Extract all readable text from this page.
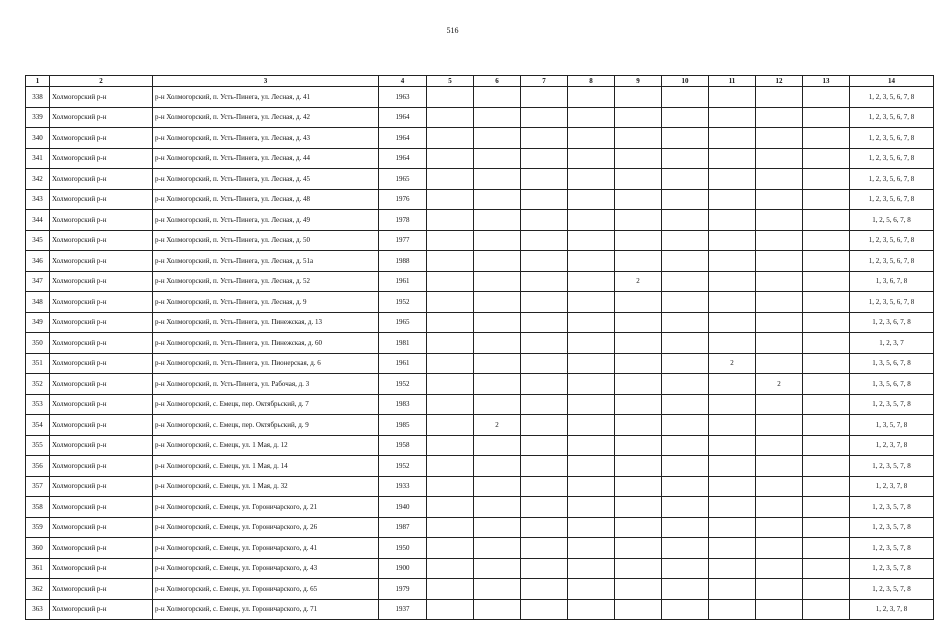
516
1	2	3	4	5	6	7	8	9	10	11	12	13	14
338	Холмогорский р-н	р-н Холмогорский, п. Усть-Пинега, ул. Лесная, д. 41	1963										1, 2, 3, 5, 6, 7, 8
339	Холмогорский р-н	р-н Холмогорский, п. Усть-Пинега, ул. Лесная, д. 42	1964										1, 2, 3, 5, 6, 7, 8
340	Холмогорский р-н	р-н Холмогорский, п. Усть-Пинега, ул. Лесная, д. 43	1964										1, 2, 3, 5, 6, 7, 8
341	Холмогорский р-н	р-н Холмогорский, п. Усть-Пинега, ул. Лесная, д. 44	1964										1, 2, 3, 5, 6, 7, 8
342	Холмогорский р-н	р-н Холмогорский, п. Усть-Пинега, ул. Лесная, д. 45	1965										1, 2, 3, 5, 6, 7, 8
343	Холмогорский р-н	р-н Холмогорский, п. Усть-Пинега, ул. Лесная, д. 48	1976										1, 2, 3, 5, 6, 7, 8
344	Холмогорский р-н	р-н Холмогорский, п. Усть-Пинега, ул. Лесная, д. 49	1978										1, 2, 5, 6, 7, 8
345	Холмогорский р-н	р-н Холмогорский, п. Усть-Пинега, ул. Лесная, д. 50	1977										1, 2, 3, 5, 6, 7, 8
346	Холмогорский р-н	р-н Холмогорский, п. Усть-Пинега, ул. Лесная, д. 51а	1988										1, 2, 3, 5, 6, 7, 8
347	Холмогорский р-н	р-н Холмогорский, п. Усть-Пинега, ул. Лесная, д. 52	1961					2					1, 3, 6, 7, 8
348	Холмогорский р-н	р-н Холмогорский, п. Усть-Пинега, ул. Лесная, д. 9	1952										1, 2, 3, 5, 6, 7, 8
349	Холмогорский р-н	р-н Холмогорский, п. Усть-Пинега, ул. Пинежская, д. 13	1965										1, 2, 3, 6, 7, 8
350	Холмогорский р-н	р-н Холмогорский, п. Усть-Пинега, ул. Пинежская, д. 60	1981										1, 2, 3, 7
351	Холмогорский р-н	р-н Холмогорский, п. Усть-Пинега, ул. Пионерская, д. 6	1961							2			1, 3, 5, 6, 7, 8
352	Холмогорский р-н	р-н Холмогорский, п. Усть-Пинега, ул. Рабочая, д. 3	1952								2		1, 3, 5, 6, 7, 8
353	Холмогорский р-н	р-н Холмогорский, с. Емецк, пер. Октябрьский, д. 7	1983										1, 2, 3, 5, 7, 8
354	Холмогорский р-н	р-н Холмогорский, с. Емецк, пер. Октябрьский, д. 9	1985		2								1, 3, 5, 7, 8
355	Холмогорский р-н	р-н Холмогорский, с. Емецк, ул. 1 Мая, д. 12	1958										1, 2, 3, 7, 8
356	Холмогорский р-н	р-н Холмогорский, с. Емецк, ул. 1 Мая, д. 14	1952										1, 2, 3, 5, 7, 8
357	Холмогорский р-н	р-н Холмогорский, с. Емецк, ул. 1 Мая, д. 32	1933										1, 2, 3, 7, 8
358	Холмогорский р-н	р-н Холмогорский, с. Емецк, ул. Гороничарского, д. 21	1940										1, 2, 3, 5, 7, 8
359	Холмогорский р-н	р-н Холмогорский, с. Емецк, ул. Гороничарского, д. 26	1987										1, 2, 3, 5, 7, 8
360	Холмогорский р-н	р-н Холмогорский, с. Емецк, ул. Гороничарского, д. 41	1950										1, 2, 3, 5, 7, 8
361	Холмогорский р-н	р-н Холмогорский, с. Емецк, ул. Гороничарского, д. 43	1900										1, 2, 3, 5, 7, 8
362	Холмогорский р-н	р-н Холмогорский, с. Емецк, ул. Гороничарского, д. 65	1979										1, 2, 3, 5, 7, 8
363	Холмогорский р-н	р-н Холмогорский, с. Емецк, ул. Гороничарского, д. 71	1937										1, 2, 3, 7, 8
